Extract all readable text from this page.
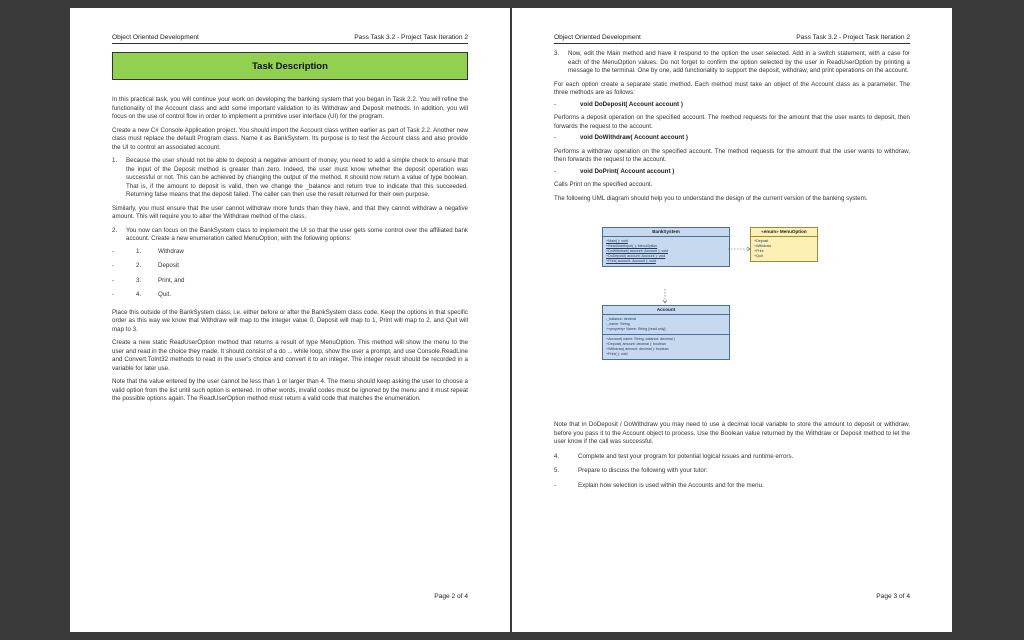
Object Oriented Development	Pass Task 3.2 - Project Task Iteration 2
Task Description

In this practical task, you will continue your work on developing the banking system that you began in Task 2.2. You will refine the functionality of the Account class and add some important validation to its Withdraw and Deposit methods. In addition, you will focus on the use of control flow in order to implement a primitive user interface (UI) for the program.

Create a new C# Console Application project. You should import the Account class written earlier as part of Task 2.2. Another new class must replace the default Program class. Name it as BankSystem. Its purpose is to test the Account class and also provide the UI to control an associated account.

1.	Because the user should not be able to deposit a negative amount of money, you need to add a simple check to ensure that the input of the Deposit method is greater than zero. Indeed, the user must know whether the deposit operation was successful or not. This can be achieved by changing the output of the method. It should now return a value of type boolean. That is, if the amount to deposit is valid, then we change the _balance and return true to indicate that this succeeded. Returning false means that the deposit failed. The caller can then use the result returned for their own purpose.

Similarly, you must ensure that the user cannot withdraw more funds than they have, and that they cannot withdraw a negative amount. This will require you to alter the Withdraw method of the class.

2.	You now can focus on the BankSystem class to implement the UI so that the user gets some control over the affiliated bank account. Create a new enumeration called MenuOption, with the following options:

-	1.	Withdraw
-	2.	Deposit
-	3.	Print, and
-	4.	Quit.

Place this outside of the BankSystem class, i.e. either before or after the BankSystem class code. Keep the options in that specific order as this way we know that Withdraw will map to the integer value 0, Deposit will map to 1, Print will map to 2, and Quit will map to 3.

Create a new static ReadUserOption method that returns a result of type MenuOption. This method will show the menu to the user and read in the choice they made. It should consist of a do ... while loop, show the user a prompt, and use Console.ReadLine and Convert.ToInt32 methods to read in the user's choice and convert it to an integer. The integer result should be recorded in a variable for later use.

Note that the value entered by the user cannot be less than 1 or larger than 4. The menu should keep asking the user to choose a valid option from the list until such option is entered. In other words, invalid codes must be ignored by the menu and it must repeat the possible options again. The ReadUserOption method must return a valid code that matches the enumeration.

Page 2 of 4
Object Oriented Development	Pass Task 3.2 - Project Task Iteration 2

3.	Now, edit the Main method and have it respond to the option the user selected. Add in a switch statement, with a case for each of the MenuOption values. Do not forget to confirm the option selected by the user in ReadUserOption by printing a message to the terminal. One by one, add functionality to support the deposit, withdraw, and print operations on the account.

For each option create a separate static method. Each method must take an object of the Account class as a parameter. The three methods are as follows:

-	void DoDeposit( Account account )

Performs a deposit operation on the specified account. The method requests for the amount that the user wants to deposit, then forwards the request to the account.

-	void DoWithdraw( Account account )

Performs a withdraw operation on the specified account. The method requests for the amount that the user wants to withdraw, then forwards the request to the account.

-	void DoPrint( Account account )

Calls Print on the specified account.

The following UML diagram should help you to understand the design of the current version of the banking system.

BankSystem
+Main( ): void
+ReadUserInput( ): MenuOption
+DoWithdraw( account: Account ): void
+DoDeposit( account: Account ): void
+Print( account: Account ): void
«enum» MenuOption
+Deposit
+Withdraw
+Print
+Quit
Account
-_balance: decimal
-_name: String
+«property» Name: String {read-only}
+Account( name: String, balance: decimal )
+Deposit( amount: decimal ): boolean
+Withdraw( amount: decimal ): boolean
+Print( ): void

Note that in DoDeposit / DoWithdraw you may need to use a decimal local variable to store the amount to deposit or withdraw, before you pass it to the Account object to process. Use the Boolean value returned by the Withdraw or Deposit method to let the user know if the call was successful.

4.	Complete and test your program for potential logical issues and runtime errors.
5.	Prepare to discuss the following with your tutor:
-	Explain how selection is used within the Accounts and for the menu.
Page 3 of 4
